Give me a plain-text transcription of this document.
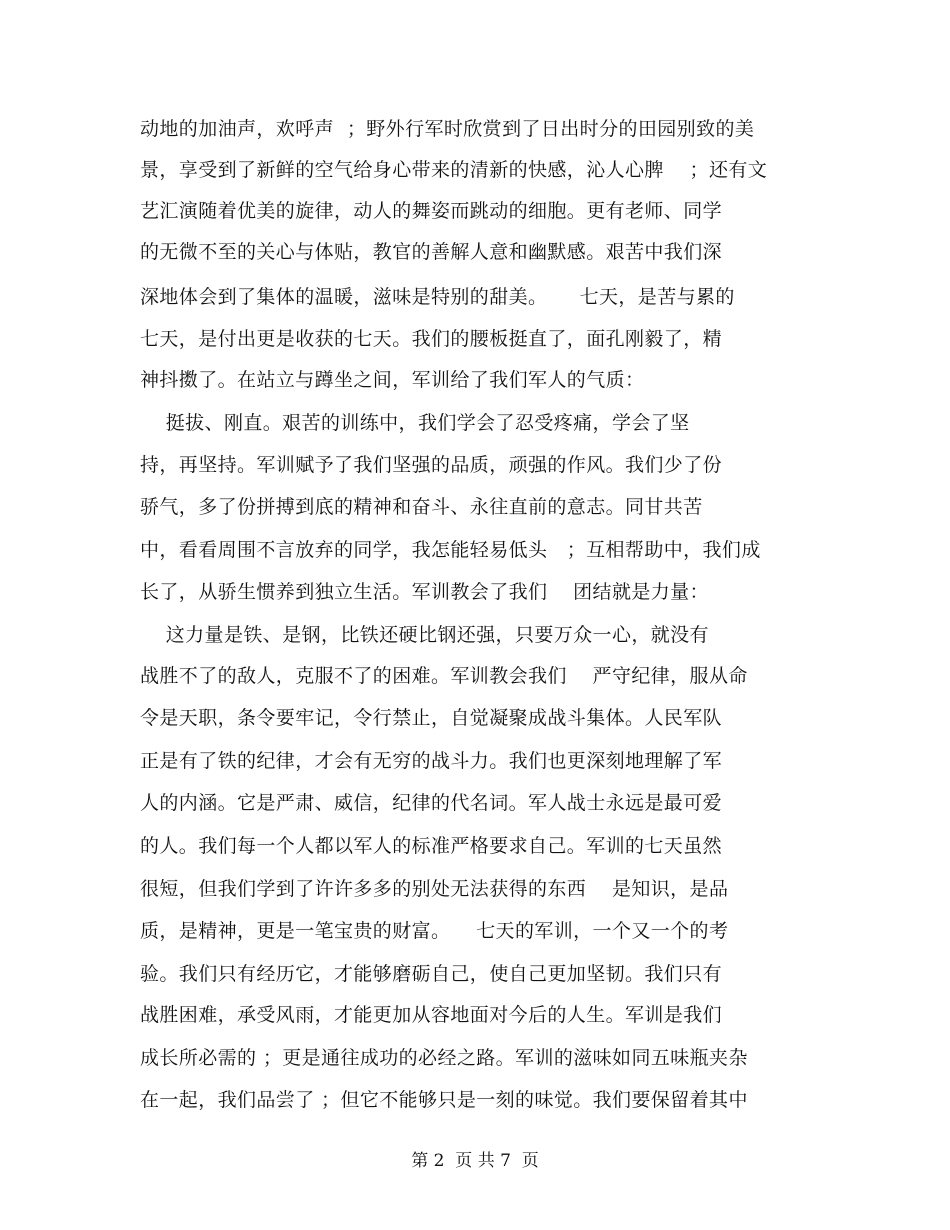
动地的加油声，欢呼声  ；野外行军时欣赏到了日出时分的田园别致的美
景，享受到了新鲜的空气给身心带来的清新的快感，沁人心脾    ；还有文
艺汇演随着优美的旋律，动人的舞姿而跳动的细胞。更有老师、同学
的无微不至的关心与体贴，教官的善解人意和幽默感。艰苦中我们深
深地体会到了集体的温暖，滋味是特别的甜美。     七天，是苦与累的
七天，是付出更是收获的七天。我们的腰板挺直了，面孔刚毅了，精
神抖擞了。在站立与蹲坐之间，军训给了我们军人的气质：
挺拔、刚直。艰苦的训练中，我们学会了忍受疼痛，学会了坚
持，再坚持。军训赋予了我们坚强的品质，顽强的作风。我们少了份
骄气，多了份拼搏到底的精神和奋斗、永往直前的意志。同甘共苦
中，看看周围不言放弃的同学，我怎能轻易低头   ；互相帮助中，我们成
长了，从骄生惯养到独立生活。军训教会了我们    团结就是力量：
这力量是铁、是钢，比铁还硬比钢还强，只要万众一心，就没有
战胜不了的敌人，克服不了的困难。军训教会我们    严守纪律，服从命
令是天职，条令要牢记，令行禁止，自觉凝聚成战斗集体。人民军队
正是有了铁的纪律，才会有无穷的战斗力。我们也更深刻地理解了军
人的内涵。它是严肃、威信，纪律的代名词。军人战士永远是最可爱
的人。我们每一个人都以军人的标准严格要求自己。军训的七天虽然
很短，但我们学到了许许多多的别处无法获得的东西    是知识，是品
质，是精神，更是一笔宝贵的财富。    七天的军训，一个又一个的考
验。我们只有经历它，才能够磨砺自己，使自己更加坚韧。我们只有
战胜困难，承受风雨，才能更加从容地面对今后的人生。军训是我们
成长所必需的 ；更是通往成功的必经之路。军训的滋味如同五味瓶夹杂
在一起，我们品尝了 ；但它不能够只是一刻的味觉。我们要保留着其中
第 2  页 共 7  页
